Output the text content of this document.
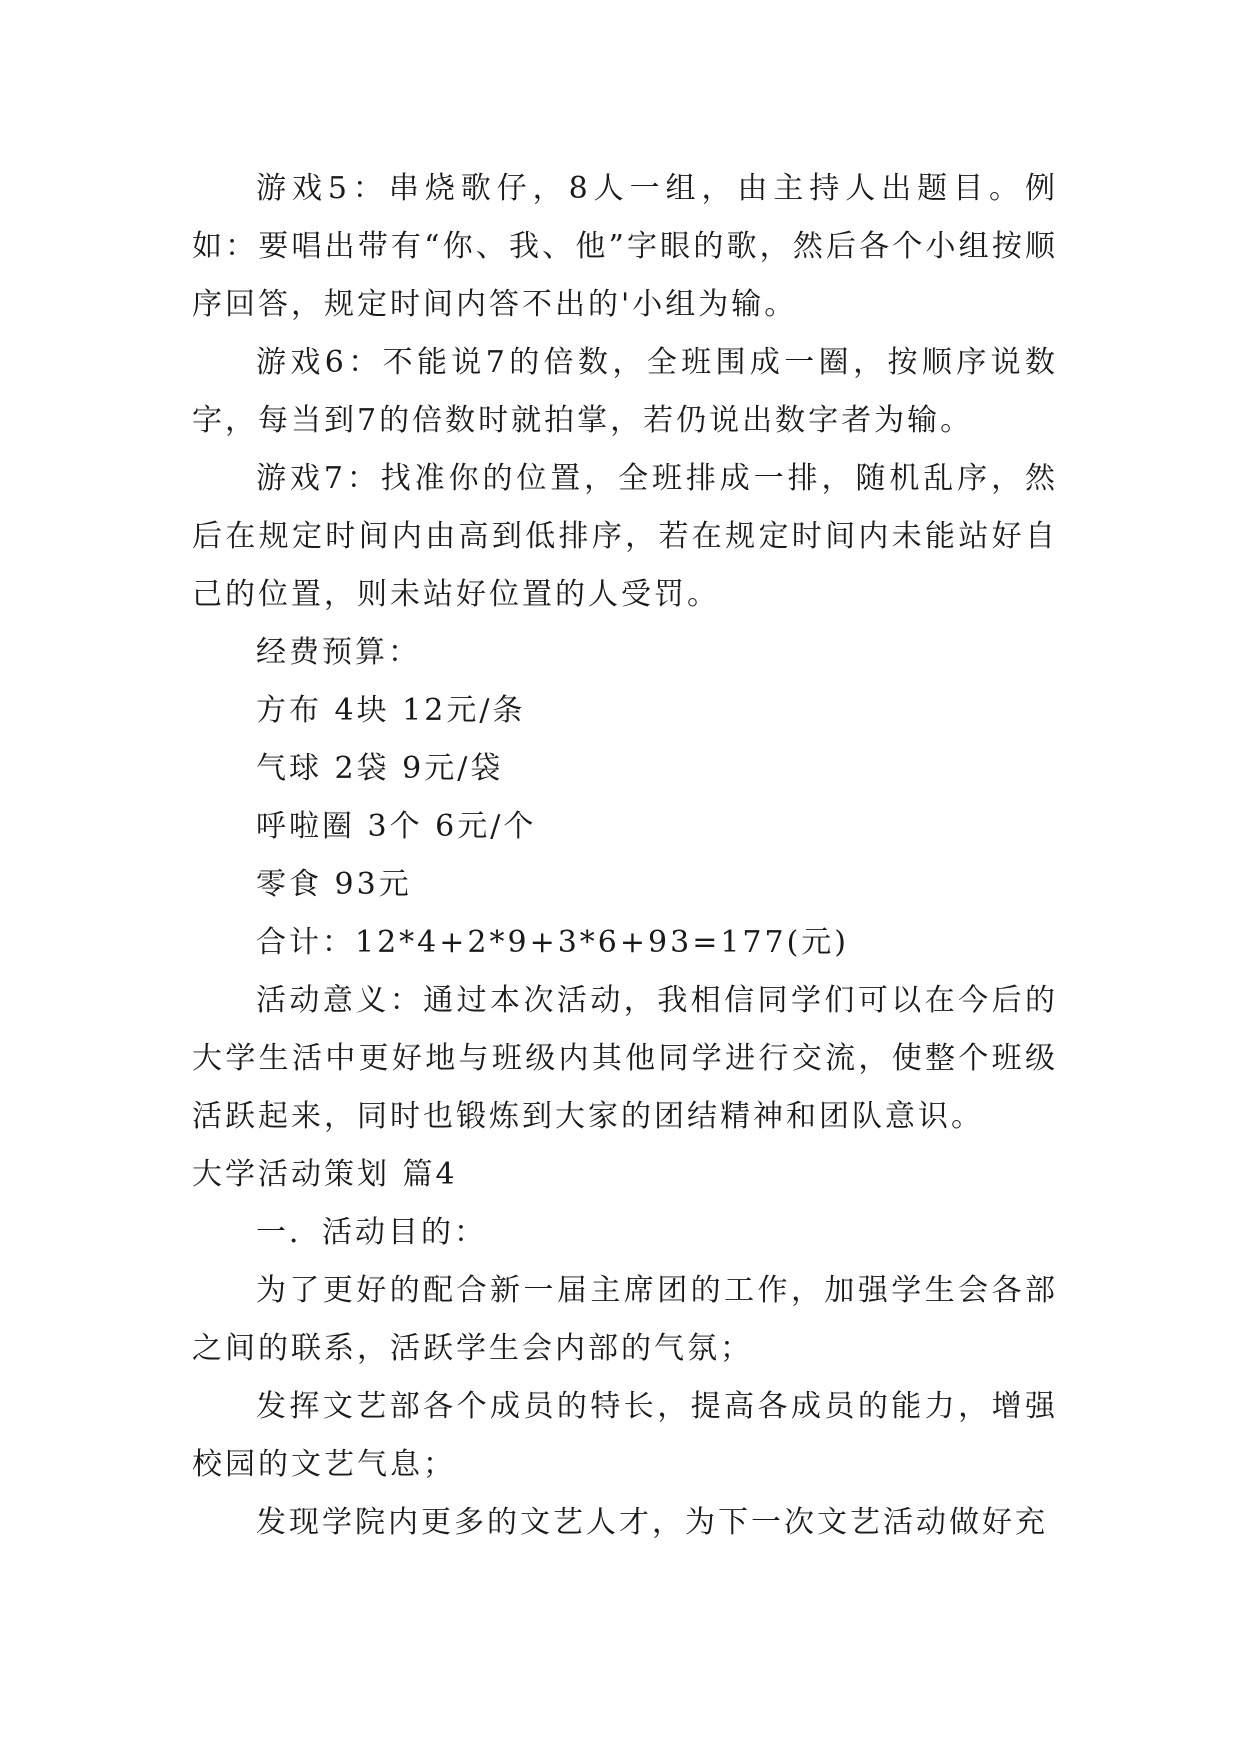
游戏5：串烧歌仔，8人一组，由主持人出题目。例如：要唱出带有“你、我、他”字眼的歌，然后各个小组按顺序回答，规定时间内答不出的'小组为输。

游戏6：不能说7的倍数，全班围成一圈，按顺序说数字，每当到7的倍数时就拍掌，若仍说出数字者为输。

游戏7：找准你的位置，全班排成一排，随机乱序，然后在规定时间内由高到低排序，若在规定时间内未能站好自己的位置，则未站好位置的人受罚。

经费预算：

方布 4块 12元/条

气球 2袋 9元/袋

呼啦圈 3个 6元/个

零食 93元

合计：12*4+2*9+3*6+93=177(元)

活动意义：通过本次活动，我相信同学们可以在今后的大学生活中更好地与班级内其他同学进行交流，使整个班级活跃起来，同时也锻炼到大家的团结精神和团队意识。

大学活动策划 篇4

一．活动目的：

为了更好的配合新一届主席团的工作，加强学生会各部之间的联系，活跃学生会内部的气氛；

发挥文艺部各个成员的特长，提高各成员的能力，增强校园的文艺气息；

发现学院内更多的文艺人才，为下一次文艺活动做好充
